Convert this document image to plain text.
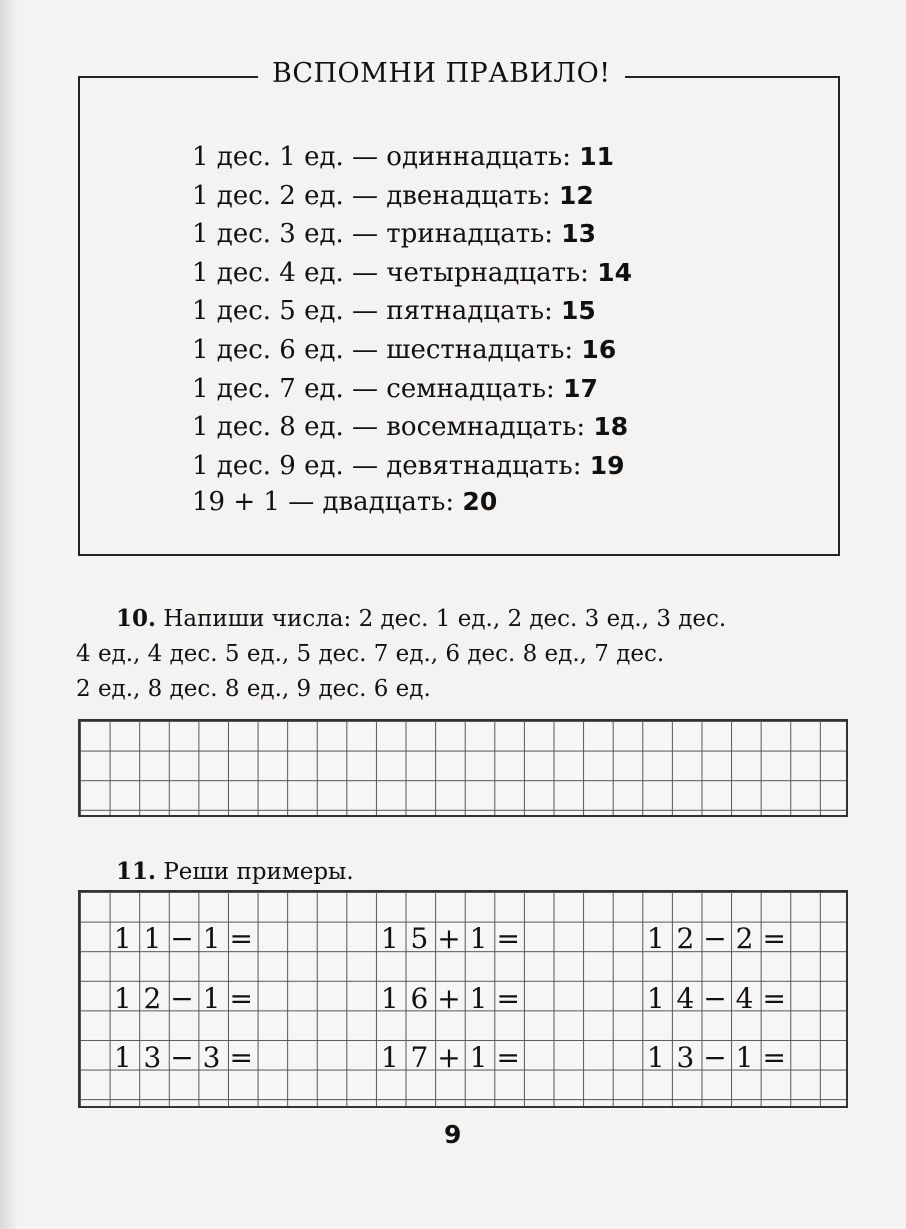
ВСПОМНИ ПРАВИЛО!
1 дес. 1 ед. — одиннадцать: 11
1 дес. 2 ед. — двенадцать: 12
1 дес. 3 ед. — тринадцать: 13
1 дес. 4 ед. — четырнадцать: 14
1 дес. 5 ед. — пятнадцать: 15
1 дес. 6 ед. — шестнадцать: 16
1 дес. 7 ед. — семнадцать: 17
1 дес. 8 ед. — восемнадцать: 18
1 дес. 9 ед. — девятнадцать: 19
19 + 1 — двадцать: 20
10. Напиши числа: 2 дес. 1 ед., 2 дес. 3 ед., 3 дес.
4 ед., 4 дес. 5 ед., 5 дес. 7 ед., 6 дес. 8 ед., 7 дес.
2 ед., 8 дес. 8 ед., 9 дес. 6 ед.
11. Реши примеры.
1 1 − 1 =	1 5 + 1 =	1 2 − 2 =
1 2 − 1 =	1 6 + 1 =	1 4 − 4 =
1 3 − 3 =	1 7 + 1 =	1 3 − 1 =
9
